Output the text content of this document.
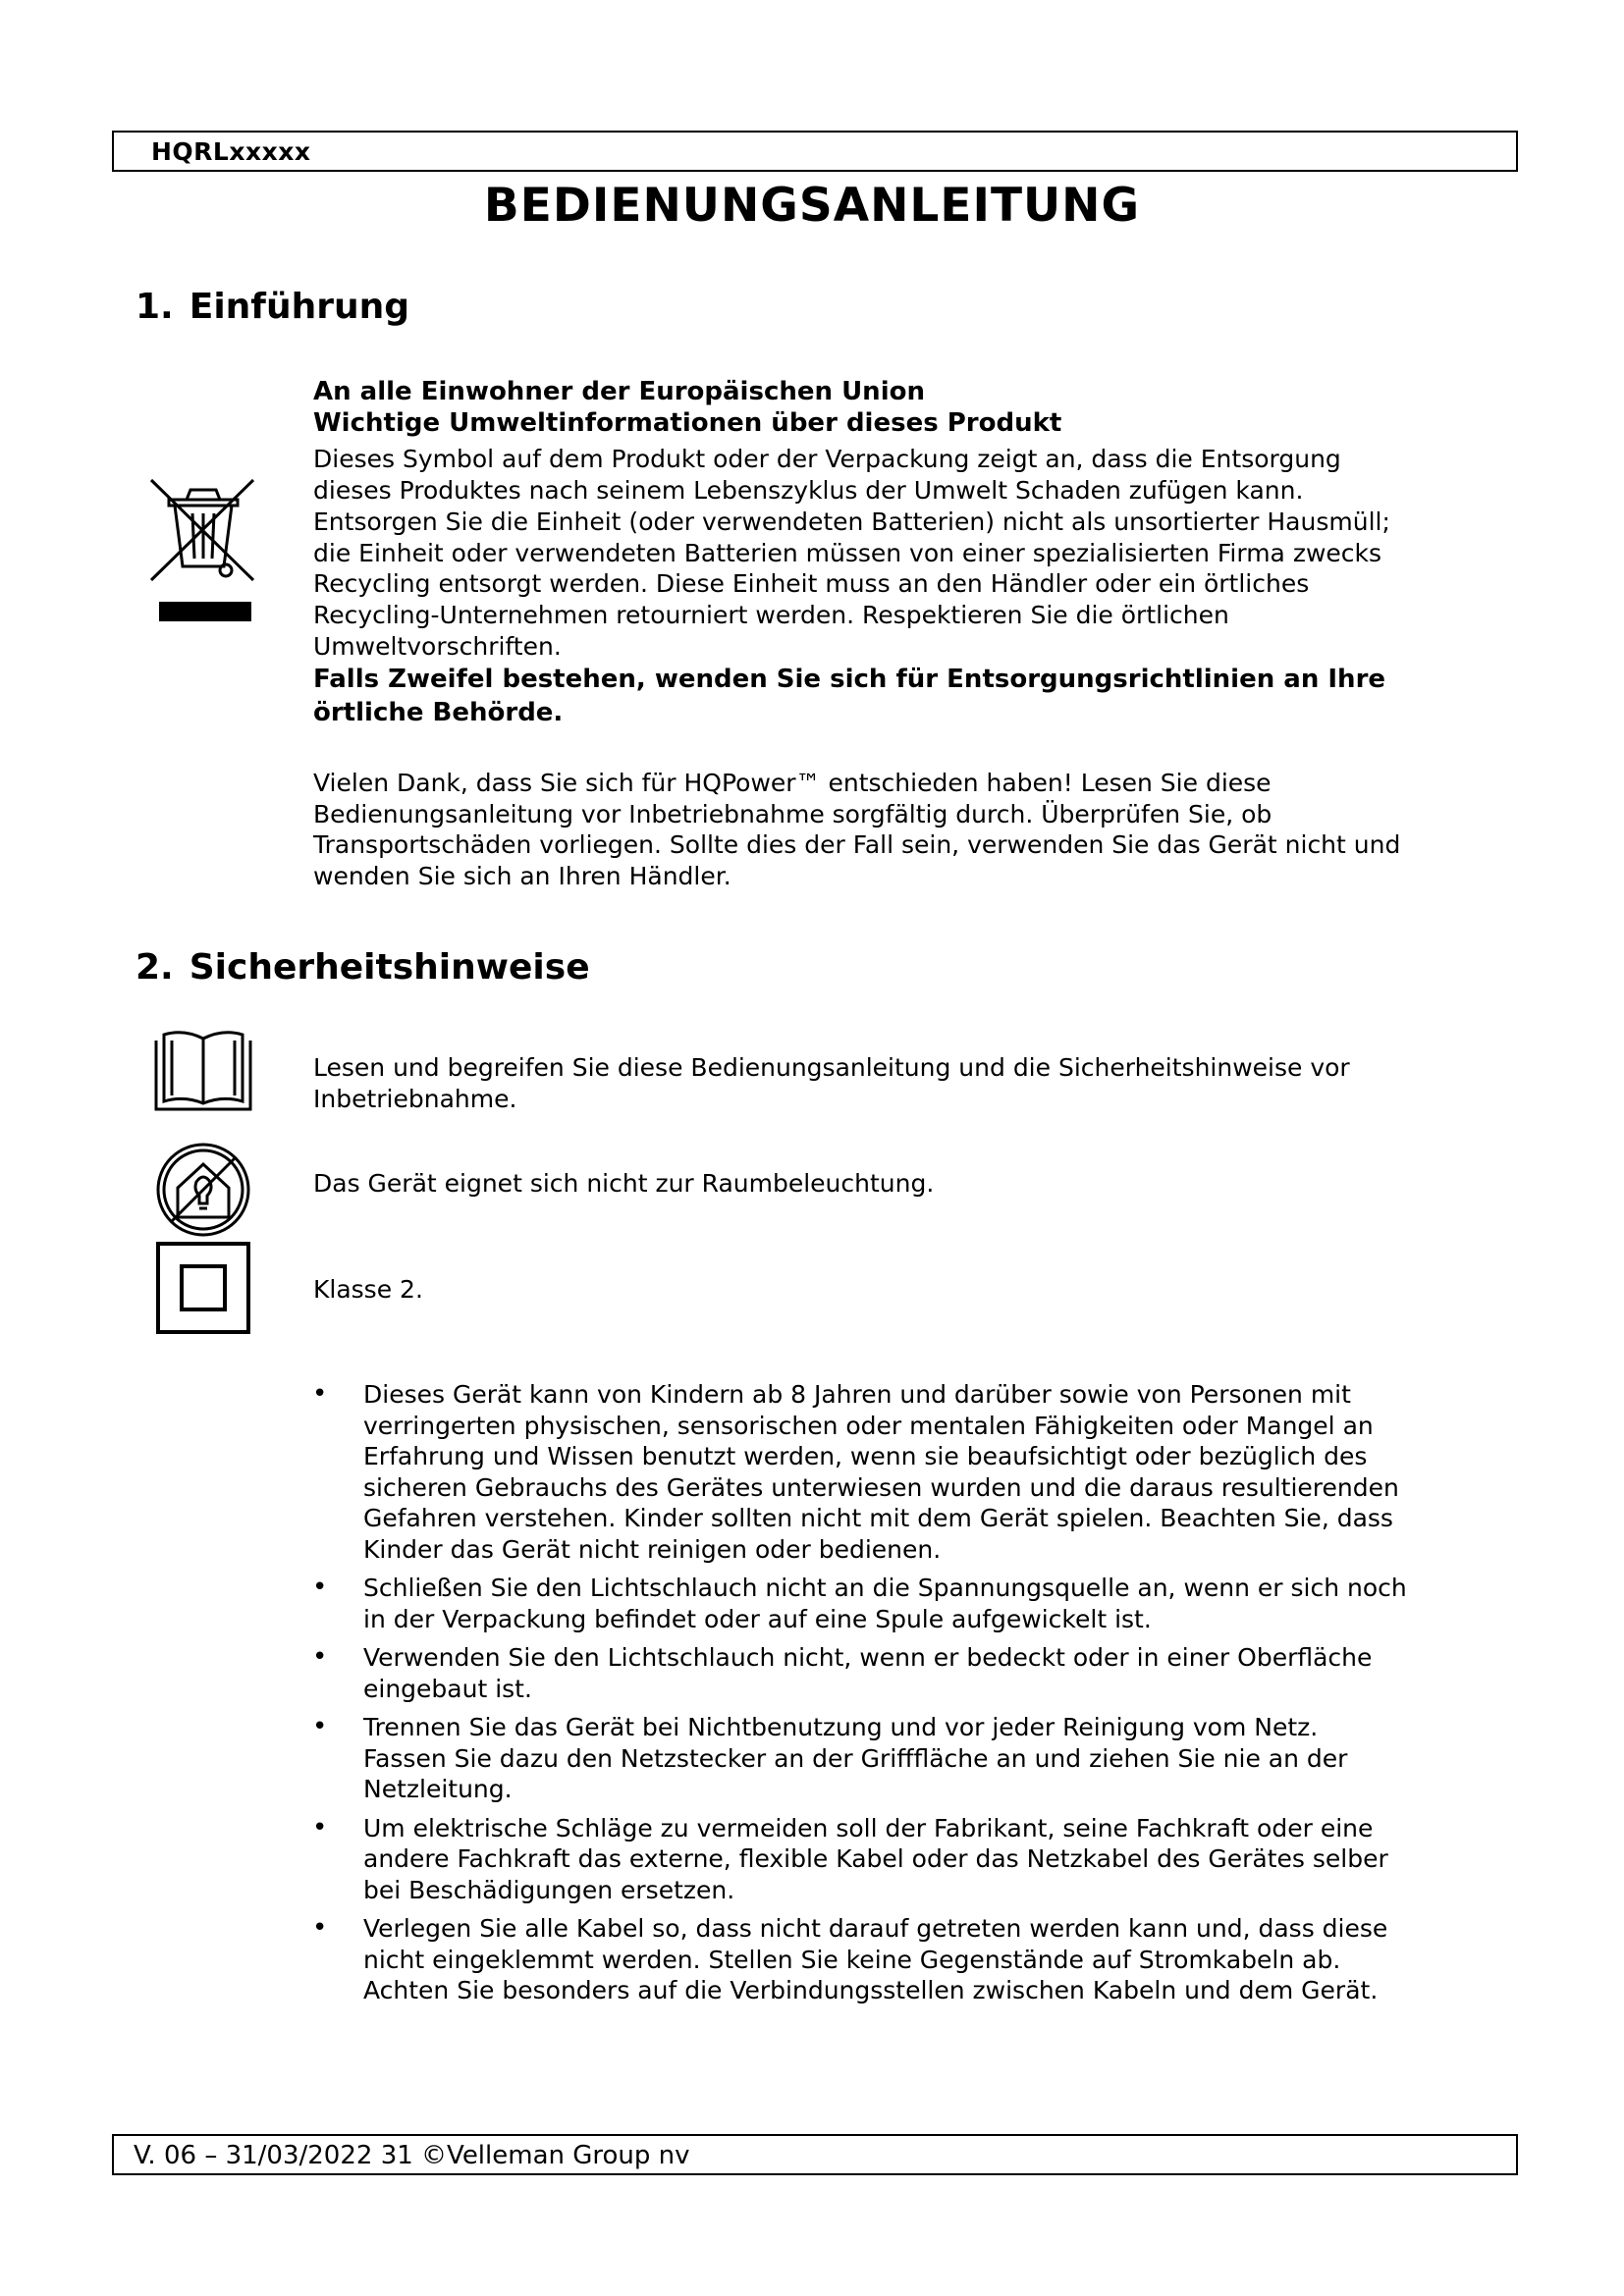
HQRLxxxxx
BEDIENUNGSANLEITUNG
1. Einführung
An alle Einwohner der Europäischen Union
Wichtige Umweltinformationen über dieses Produkt
Dieses Symbol auf dem Produkt oder der Verpackung zeigt an, dass die Entsorgung
dieses Produktes nach seinem Lebenszyklus der Umwelt Schaden zufügen kann.
Entsorgen Sie die Einheit (oder verwendeten Batterien) nicht als unsortierter Hausmüll;
die Einheit oder verwendeten Batterien müssen von einer spezialisierten Firma zwecks
Recycling entsorgt werden. Diese Einheit muss an den Händler oder ein örtliches
Recycling-Unternehmen retourniert werden. Respektieren Sie die örtlichen
Umweltvorschriften.
Falls Zweifel bestehen, wenden Sie sich für Entsorgungsrichtlinien an Ihre
örtliche Behörde.
Vielen Dank, dass Sie sich für HQPower™ entschieden haben! Lesen Sie diese
Bedienungsanleitung vor Inbetriebnahme sorgfältig durch. Überprüfen Sie, ob
Transportschäden vorliegen. Sollte dies der Fall sein, verwenden Sie das Gerät nicht und
wenden Sie sich an Ihren Händler.
2. Sicherheitshinweise
Lesen und begreifen Sie diese Bedienungsanleitung und die Sicherheitshinweise vor
Inbetriebnahme.
Das Gerät eignet sich nicht zur Raumbeleuchtung.
Klasse 2.
• Dieses Gerät kann von Kindern ab 8 Jahren und darüber sowie von Personen mit
verringerten physischen, sensorischen oder mentalen Fähigkeiten oder Mangel an
Erfahrung und Wissen benutzt werden, wenn sie beaufsichtigt oder bezüglich des
sicheren Gebrauchs des Gerätes unterwiesen wurden und die daraus resultierenden
Gefahren verstehen. Kinder sollten nicht mit dem Gerät spielen. Beachten Sie, dass
Kinder das Gerät nicht reinigen oder bedienen.
• Schließen Sie den Lichtschlauch nicht an die Spannungsquelle an, wenn er sich noch
in der Verpackung befindet oder auf eine Spule aufgewickelt ist.
• Verwenden Sie den Lichtschlauch nicht, wenn er bedeckt oder in einer Oberfläche
eingebaut ist.
• Trennen Sie das Gerät bei Nichtbenutzung und vor jeder Reinigung vom Netz.
Fassen Sie dazu den Netzstecker an der Grifffläche an und ziehen Sie nie an der
Netzleitung.
• Um elektrische Schläge zu vermeiden soll der Fabrikant, seine Fachkraft oder eine
andere Fachkraft das externe, flexible Kabel oder das Netzkabel des Gerätes selber
bei Beschädigungen ersetzen.
• Verlegen Sie alle Kabel so, dass nicht darauf getreten werden kann und, dass diese
nicht eingeklemmt werden. Stellen Sie keine Gegenstände auf Stromkabeln ab.
Achten Sie besonders auf die Verbindungsstellen zwischen Kabeln und dem Gerät.
V. 06 – 31/03/2022 31 ©Velleman Group nv
